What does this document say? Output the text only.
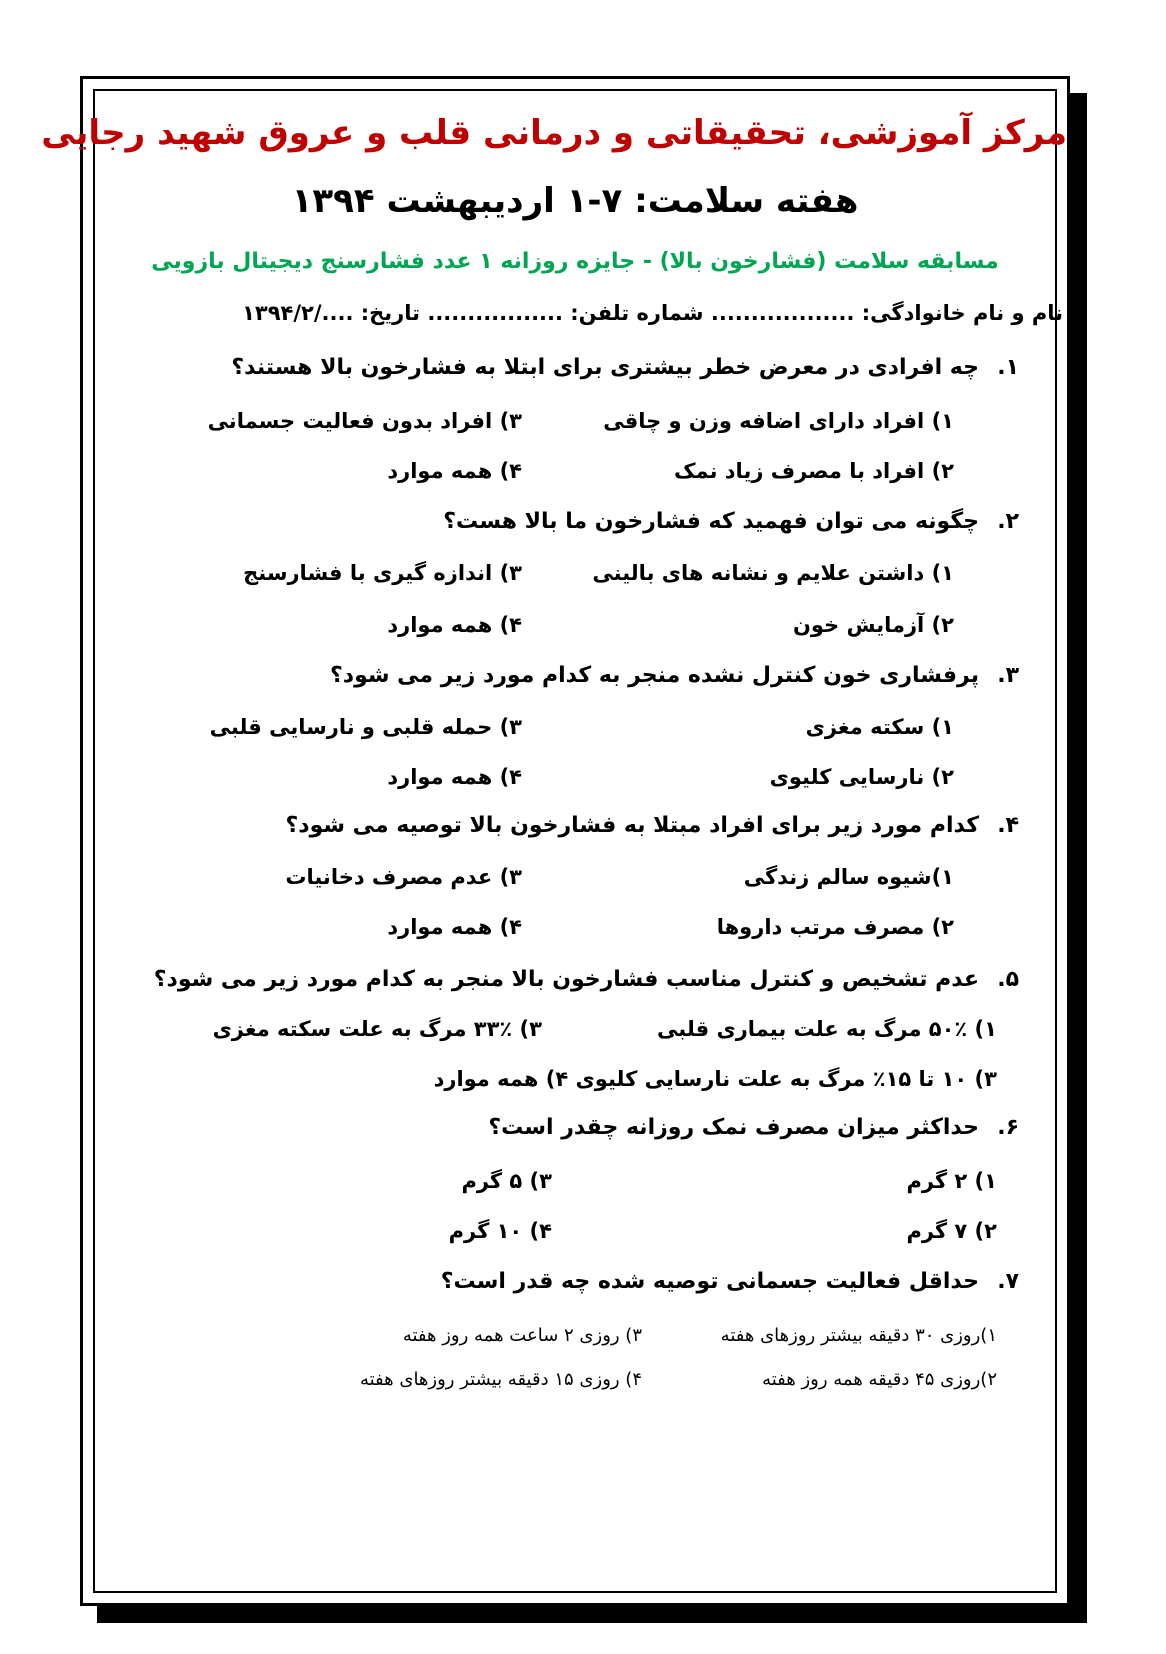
مرکز آموزشی، تحقیقاتی و درمانی قلب و عروق شهید رجایی
هفته سلامت: ۷-۱ اردیبهشت ۱۳۹۴
مسابقه سلامت (فشارخون بالا) - جایزه روزانه ۱ عدد فشارسنج دیجیتال بازویی
نام و نام خانوادگی: .................. شماره تلفن: ................. تاریخ: ..../۱۳۹۴/۲
۱.چه افرادی در معرض خطر بیشتری برای ابتلا به فشارخون بالا هستند؟
۱) افراد دارای اضافه وزن و چاقی
۳) افراد بدون فعالیت جسمانی
۲) افراد با مصرف زیاد نمک
۴) همه موارد
۲.چگونه می توان فهمید که فشارخون ما بالا هست؟
۱) داشتن علایم و نشانه های بالینی
۳) اندازه گیری با فشارسنج
۲) آزمایش خون
۴) همه موارد
۳.پرفشاری خون کنترل نشده منجر به کدام مورد زیر می شود؟
۱) سکته مغزی
۳) حمله قلبی و نارسایی قلبی
۲) نارسایی کلیوی
۴) همه موارد
۴.کدام مورد زیر برای افراد مبتلا به فشارخون بالا توصیه می شود؟
۱)شیوه سالم زندگی
۳) عدم مصرف دخانیات
۲) مصرف مرتب داروها
۴) همه موارد
۵.عدم تشخیص و کنترل مناسب فشارخون بالا منجر به کدام مورد زیر می شود؟
۱) ۵۰٪ مرگ به علت بیماری قلبی
۳) ۳۳٪ مرگ به علت سکته مغزی
۳) ۱۰ تا ۱۵٪ مرگ به علت نارسایی کلیوی ۴) همه موارد
۶.حداکثر میزان مصرف نمک روزانه چقدر است؟
۱) ۲ گرم
۳) ۵ گرم
۲) ۷ گرم
۴) ۱۰ گرم
۷.حداقل فعالیت جسمانی توصیه شده چه قدر است؟
۱)روزی ۳۰ دقیقه بیشتر روزهای هفته
۳) روزی ۲ ساعت همه روز هفته
۲)روزی ۴۵ دقیقه همه روز هفته
۴) روزی ۱۵ دقیقه بیشتر روزهای هفته
